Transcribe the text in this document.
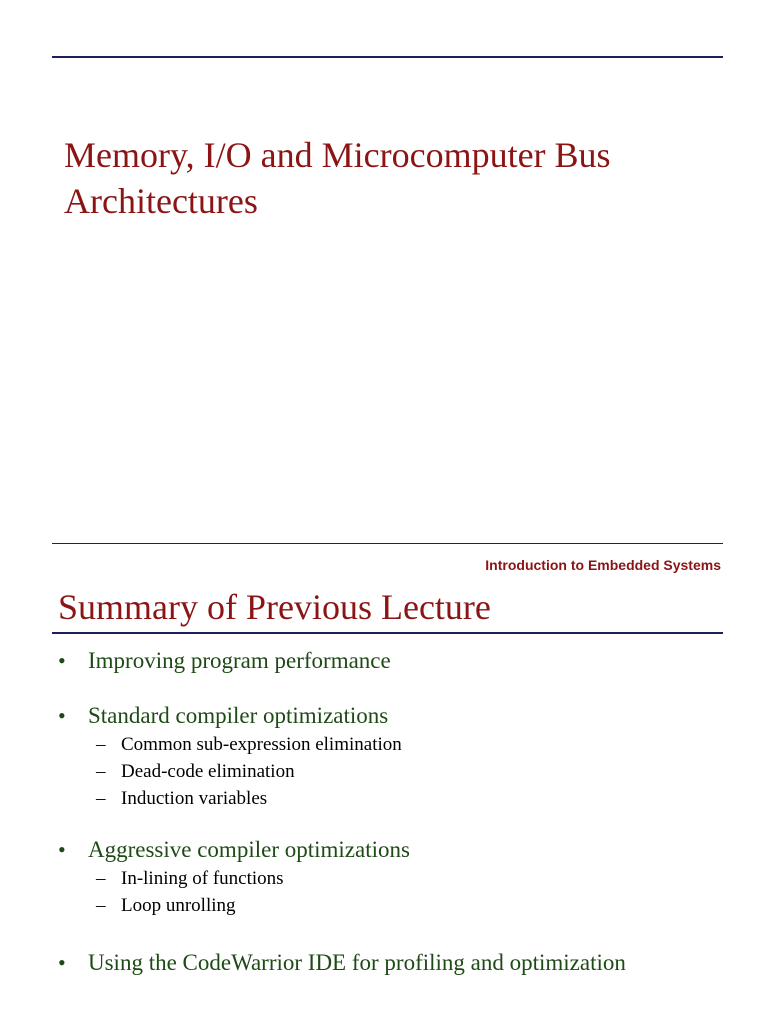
Memory, I/O and Microcomputer Bus
Architectures
Introduction to Embedded Systems
Summary of Previous Lecture
• Improving program performance
• Standard compiler optimizations
– Common sub-expression elimination
– Dead-code elimination
– Induction variables
• Aggressive compiler optimizations
– In-lining of functions
– Loop unrolling
• Using the CodeWarrior IDE for profiling and optimization
